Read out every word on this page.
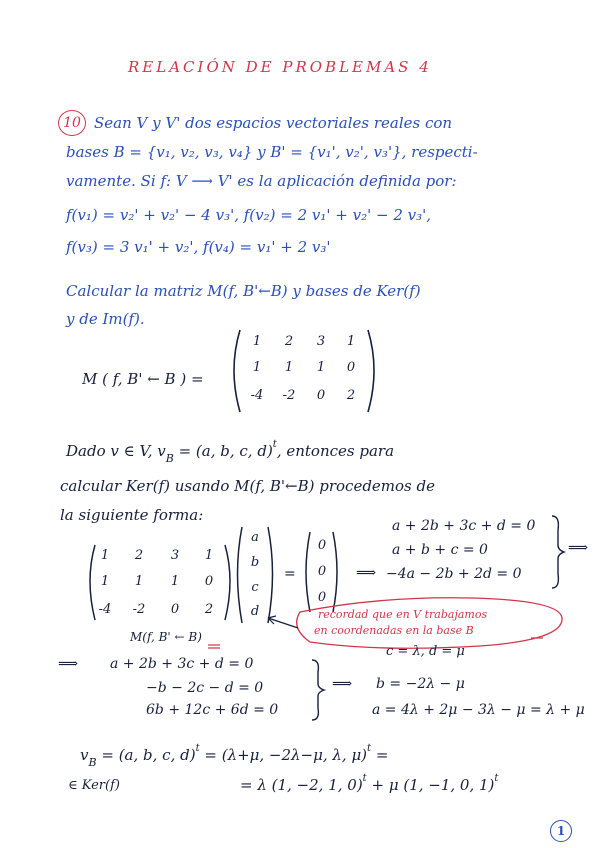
RELACIÓN DE PROBLEMAS 4
10 Sean V y V' dos espacios vectoriales reales con
bases B = {v₁, v₂, v₃, v₄} y B' = {v₁', v₂', v₃'}, respecti-
vamente. Si f: V ⟶ V' es la aplicación definida por:
f(v₁) = v₂' + v₂' − 4 v₃', f(v₂) = 2 v₁' + v₂' − 2 v₃',
f(v₃) = 3 v₁' + v₂', f(v₄) = v₁' + 2 v₃'
Calcular la matriz M(f, B'←B) y bases de Ker(f)
y de Im(f).
M ( f, B' ← B ) =
1	2	3	1
1	1	1	0
-4	-2	0	2
Dado v ∈ V, $v_B = (a$, b, c, d)$^t$, entonces para
calcular Ker(f) usando M(f, B'←B) procedemos de
la siguiente forma:
1	2	3	1
1	1	1	0
-4	-2	0	2
M(f, B' ← B)
a
b
c
d
=
0
0
0
⟹
a + 2b + 3c + d = 0
a + b + c = 0
−4a − 2b + 2d = 0
⟹
recordad que en V trabajamos
en coordenadas en la base B
⟹ a + 2b + 3c + d = 0
−b − 2c − d = 0
6b + 12c + 6d = 0
⟹
c = λ, d = μ
b = −2λ − μ
a = 4λ + 2μ − 3λ − μ = λ + μ
$v_B = (a$, b, c, d)$^t$ = (λ+μ, −2λ−μ, λ, μ)$^t$ =
∈ Ker(f)	= λ (1, −2, 1, 0)$^t$ + μ (1, −1, 0, 1)$^t$
1
